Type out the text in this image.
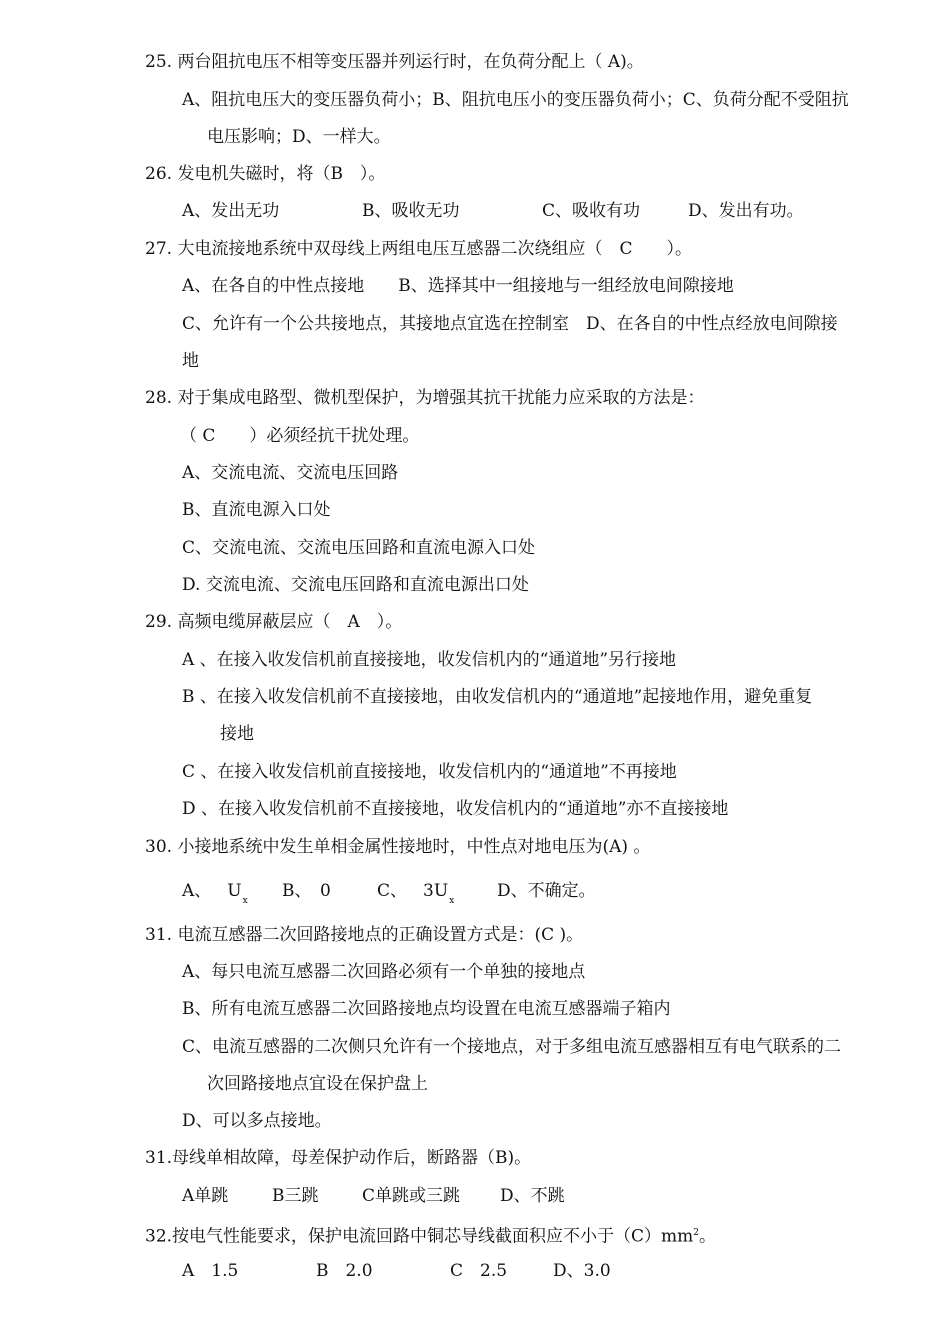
25. 两台阻抗电压不相等变压器并列运行时，在负荷分配上（ A)。
A、阻抗电压大的变压器负荷小；B、阻抗电压小的变压器负荷小；C、负荷分配不受阻抗
电压影响；D、一样大。
26. 发电机失磁时，将（B　）。
A、发出无功	B、吸收无功	C、吸收有功	D、发出有功。
27. 大电流接地系统中双母线上两组电压互感器二次绕组应（　C　　）。
A、在各自的中性点接地　　B、选择其中一组接地与一组经放电间隙接地
C、允许有一个公共接地点，其接地点宜选在控制室　D、在各自的中性点经放电间隙接
地
28. 对于集成电路型、微机型保护，为增强其抗干扰能力应采取的方法是：
（ C　　）必须经抗干扰处理。
A、交流电流、交流电压回路
B、直流电源入口处
C、交流电流、交流电压回路和直流电源入口处
D. 交流电流、交流电压回路和直流电源出口处
29. 高频电缆屏蔽层应（　A　）。
A 、在接入收发信机前直接接地，收发信机内的“通道地”另行接地
B 、在接入收发信机前不直接接地，由收发信机内的“通道地”起接地作用，避免重复
接地
C 、在接入收发信机前直接接地，收发信机内的“通道地”不再接地
D 、在接入收发信机前不直接接地，收发信机内的“通道地”亦不直接接地
30. 小接地系统中发生单相金属性接地时，中性点对地电压为(A) 。
A、 $U_x$ B、　0	C、 $3U_x$	D、不确定。
31. 电流互感器二次回路接地点的正确设置方式是：(C )。
A、每只电流互感器二次回路必须有一个单独的接地点
B、所有电流互感器二次回路接地点均设置在电流互感器端子箱内
C、电流互感器的二次侧只允许有一个接地点，对于多组电流互感器相互有电气联系的二
次回路接地点宜设在保护盘上
D、可以多点接地。
31.母线单相故障，母差保护动作后，断路器（B)。
A单跳	B三跳	C单跳或三跳 D、不跳
32.按电气性能要求，保护电流回路中铜芯导线截面积应不小于$(C)mm^2$。
A　1.5	B　2.0	C　2.5	D、3.0
